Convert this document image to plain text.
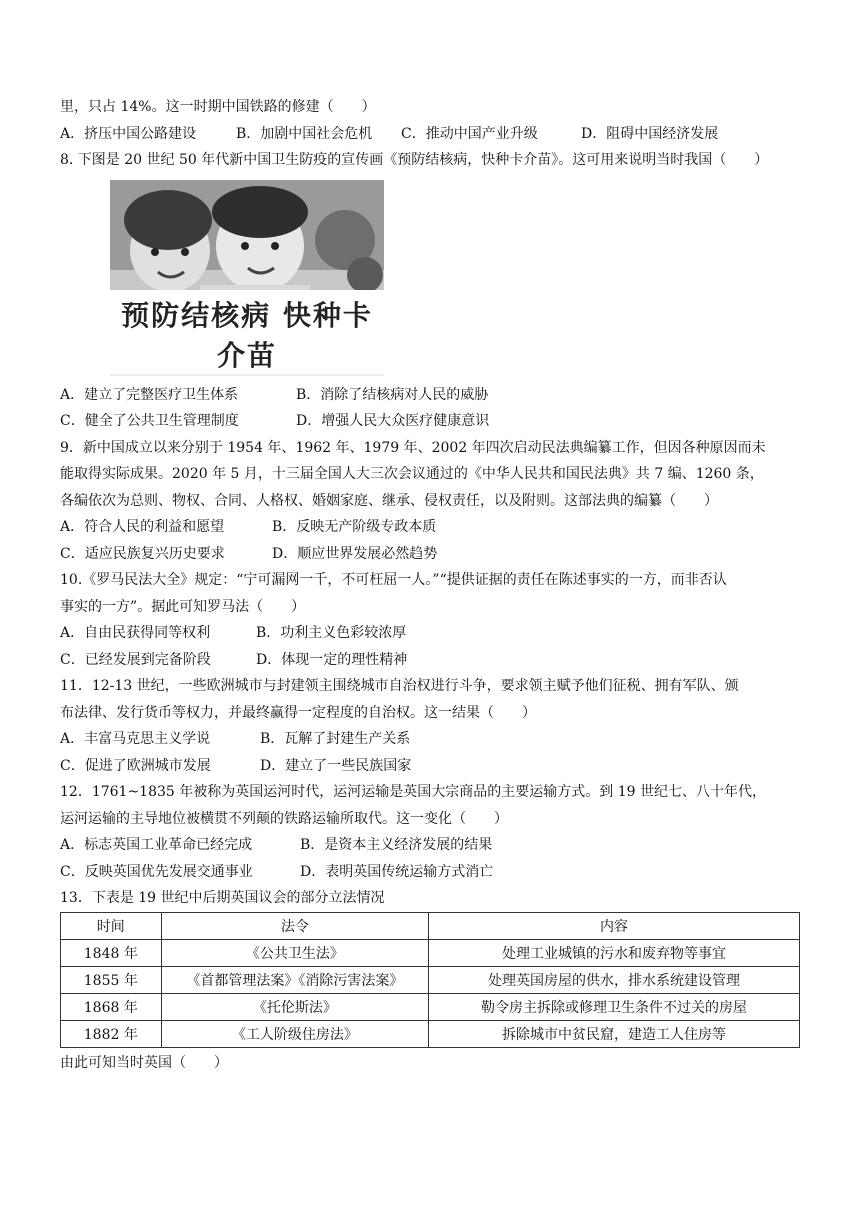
里，只占 14%。这一时期中国铁路的修建（　　）
A．挤压中国公路建设	B．加剧中国社会危机	C．推动中国产业升级	D．阻碍中国经济发展
8. 下图是 20 世纪 50 年代新中国卫生防疫的宣传画《预防结核病，快种卡介苗》。这可用来说明当时我国（　　）
预防结核病 快种卡介苗
A．建立了完整医疗卫生体系	B．消除了结核病对人民的威胁
C．健全了公共卫生管理制度	D．增强人民大众医疗健康意识
9．新中国成立以来分别于 1954 年、1962 年、1979 年、2002 年四次启动民法典编纂工作，但因各种原因而未
能取得实际成果。2020 年 5 月，十三届全国人大三次会议通过的《中华人民共和国民法典》共 7 编、1260 条，
各编依次为总则、物权、合同、人格权、婚姻家庭、继承、侵权责任，以及附则。这部法典的编纂（　　）
A．符合人民的利益和愿望	B．反映无产阶级专政本质
C．适应民族复兴历史要求	D．顺应世界发展必然趋势
10.《罗马民法大全》规定：“宁可漏网一千，不可枉屈一人。”“提供证据的责任在陈述事实的一方，而非否认
事实的一方”。据此可知罗马法（　　）
A．自由民获得同等权利	B．功利主义色彩较浓厚
C．已经发展到完备阶段	D．体现一定的理性精神
11．12-13 世纪，一些欧洲城市与封建领主围绕城市自治权进行斗争，要求领主赋予他们征税、拥有军队、颁
布法律、发行货币等权力，并最终赢得一定程度的自治权。这一结果（　　）
A．丰富马克思主义学说	B．瓦解了封建生产关系
C．促进了欧洲城市发展	D．建立了一些民族国家
12．1761~1835 年被称为英国运河时代，运河运输是英国大宗商品的主要运输方式。到 19 世纪七、八十年代，
运河运输的主导地位被横贯不列颠的铁路运输所取代。这一变化（　　）
A．标志英国工业革命已经完成	B．是资本主义经济发展的结果
C．反映英国优先发展交通事业	D．表明英国传统运输方式消亡
13．下表是 19 世纪中后期英国议会的部分立法情况
时间	法令	内容
1848 年	《公共卫生法》	处理工业城镇的污水和废弃物等事宜
1855 年	《首都管理法案》《消除污害法案》	处理英国房屋的供水，排水系统建设管理
1868 年	《托伦斯法》	勒令房主拆除或修理卫生条件不过关的房屋
1882 年	《工人阶级住房法》	拆除城市中贫民窟，建造工人住房等
由此可知当时英国（　　）
